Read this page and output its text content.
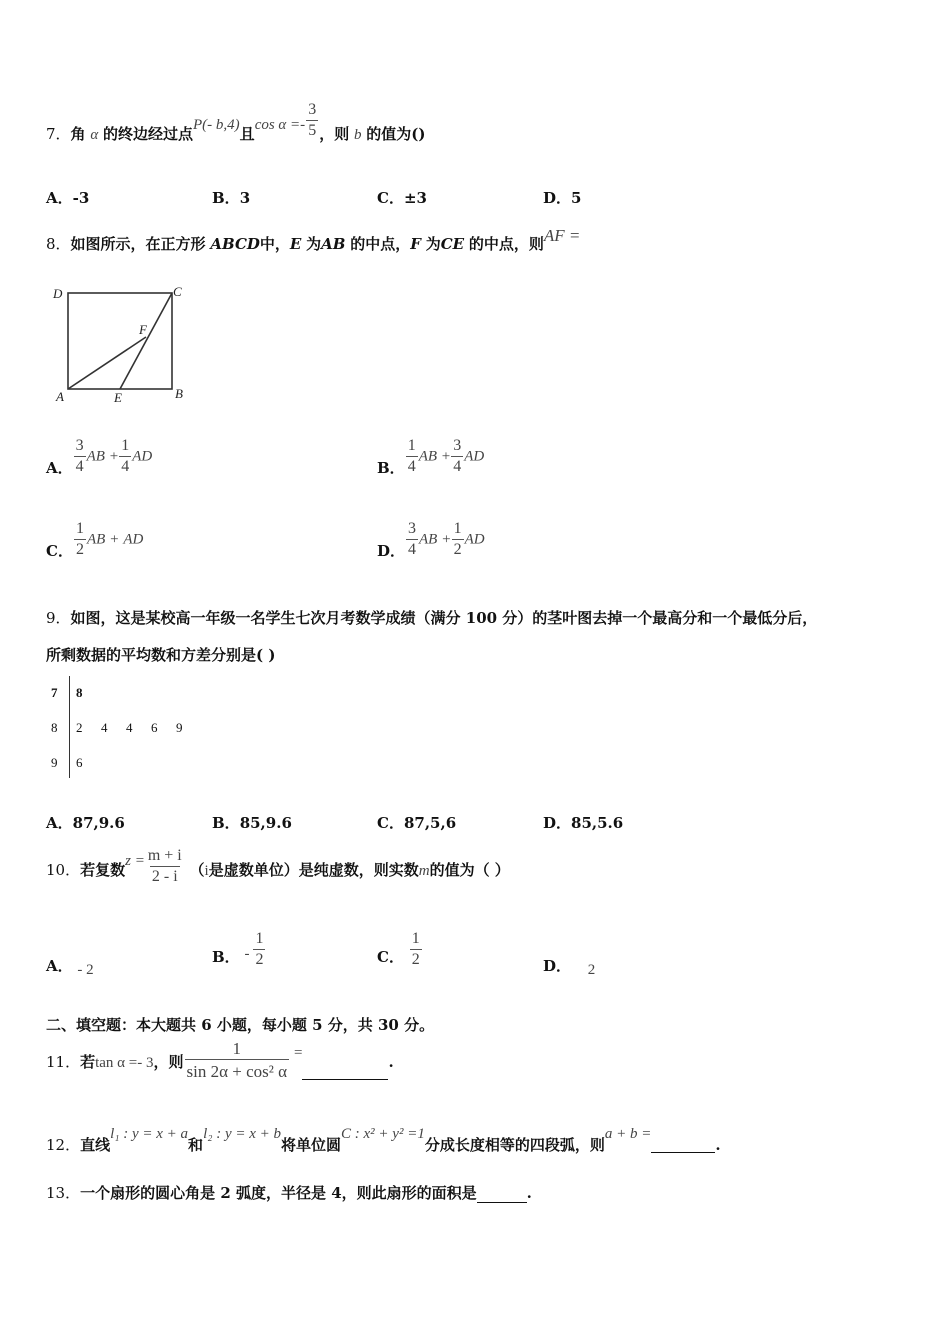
7．角 α 的终边经过点P(- b,4)且$\cos \alpha =- \frac{3}{5}$ ，则 b 的值为()
A．-3	B．3	C．±3	D．5
8．如图所示，在正方形 ABCD中，E 为AB 的中点，F 为CE 的中点，则AF =
D	C
F
A	E	B
A． $\frac{3}{4}$ AB + $\frac{1}{4}$ AD
B． $\frac{1}{4}$ AB + $\frac{3}{4}$ AD
C． $\frac{1}{2}$ AB + AD
D． $\frac{3}{4}$ AB + $\frac{1}{2}$ AD
9．如图，这是某校高一年级一名学生七次月考数学成绩（满分 100 分）的茎叶图去掉一个最高分和一个最低分后，
所剩数据的平均数和方差分别是( )
7 8
8 2 4 4 6 9
9 6
A．87,9.6	B．85,9.6	C．87,5,6	D．85,5.6
10．若复数$z = \frac{m + i}{2 - i} (i$是虚数单位）是纯虚数，则实数m的值为（ ）
A． - 2
B． - $\frac{1}{2}$	C． $\frac{1}{2}$	D． 2
二、填空题：本大题共 6 小题，每小题 5 分，共 30 分。
11．若tan α =- 3，则 $\frac{1}{\text{sin 2α + cos² α}}$ =	.
12．直线l₁ : y = x + a和l₂ : y = x + b将单位圆C : x² + y² =1分成长度相等的四段弧，则a + b =.
13．一个扇形的圆心角是 2 弧度，半径是 4，则此扇形的面积是	.
